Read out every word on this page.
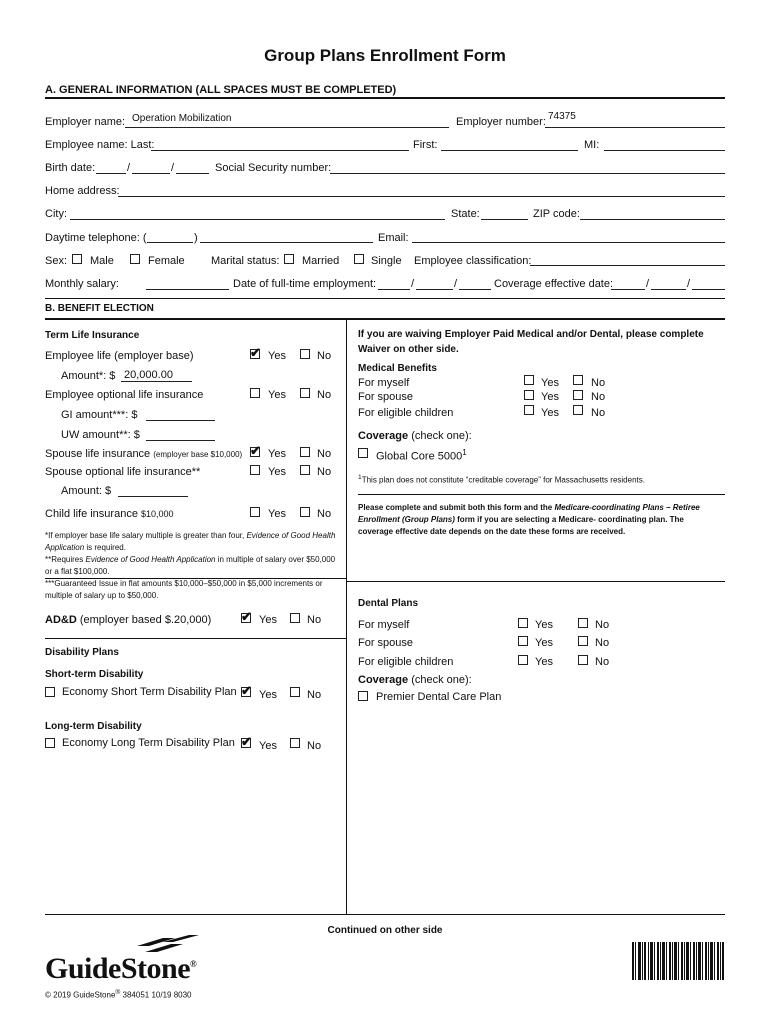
Group Plans Enrollment Form
A. GENERAL INFORMATION (ALL SPACES MUST BE COMPLETED)
Employer name: Operation Mobilization	Employer number: 74375
Employee name: Last:	First:	MI:
Birth date:	/	/	Social Security number:
Home address:
City:	State:	ZIP code:
Daytime telephone: (	)	Email:
Sex: Male	Female Marital status: Married	Single Employee classification:
Monthly salary:	Date of full-time employment:	/	/	Coverage effective date:	/	/
B. BENEFIT ELECTION
Term Life Insurance
Employee life (employer base)	✔ Yes	No
Amount*: $ 20,000.00
Employee optional life insurance	Yes	No
GI amount***: $
UW amount**: $
Spouse life insurance (employer base $10,000) ✔ Yes	No
Spouse optional life insurance**	Yes	No
Amount: $
Child life insurance $10,000	Yes	No
*If employer base life salary multiple is greater than four, Evidence of Good Health Application is required.
**Requires Evidence of Good Health Application in multiple of salary over $50,000 or a flat $100,000.
***Guaranteed Issue in flat amounts $10,000–$50,000 in $5,000 increments or multiple of salary up to $50,000.
AD&D (employer based $.20,000) ✔ Yes	No
Disability Plans
Short-term Disability
Economy Short Term Disability Plan ✔ Yes	No
Long-term Disability
Economy Long Term Disability Plan ✔ Yes	No
If you are waiving Employer Paid Medical and/or Dental, please complete
Waiver on other side.
Medical Benefits
For myself	Yes	No
For spouse	Yes	No
For eligible children	Yes	No
Coverage (check one):
Global Core 5000$^1$
$^1$This plan does not constitute “creditable coverage” for Massachusetts residents.
Please complete and submit both this form and the Medicare-coordinating Plans – Retiree Enrollment (Group Plans) form if you are selecting a Medicare- coordinating plan. The coverage effective date depends on the date these forms are received.
Dental Plans
For myself	Yes	No
For spouse	Yes	No
For eligible children	Yes	No
Coverage (check one):
Premier Dental Care Plan
Continued on other side
GuideStone®
© 2019 GuideStone® 384051 10/19 8030
